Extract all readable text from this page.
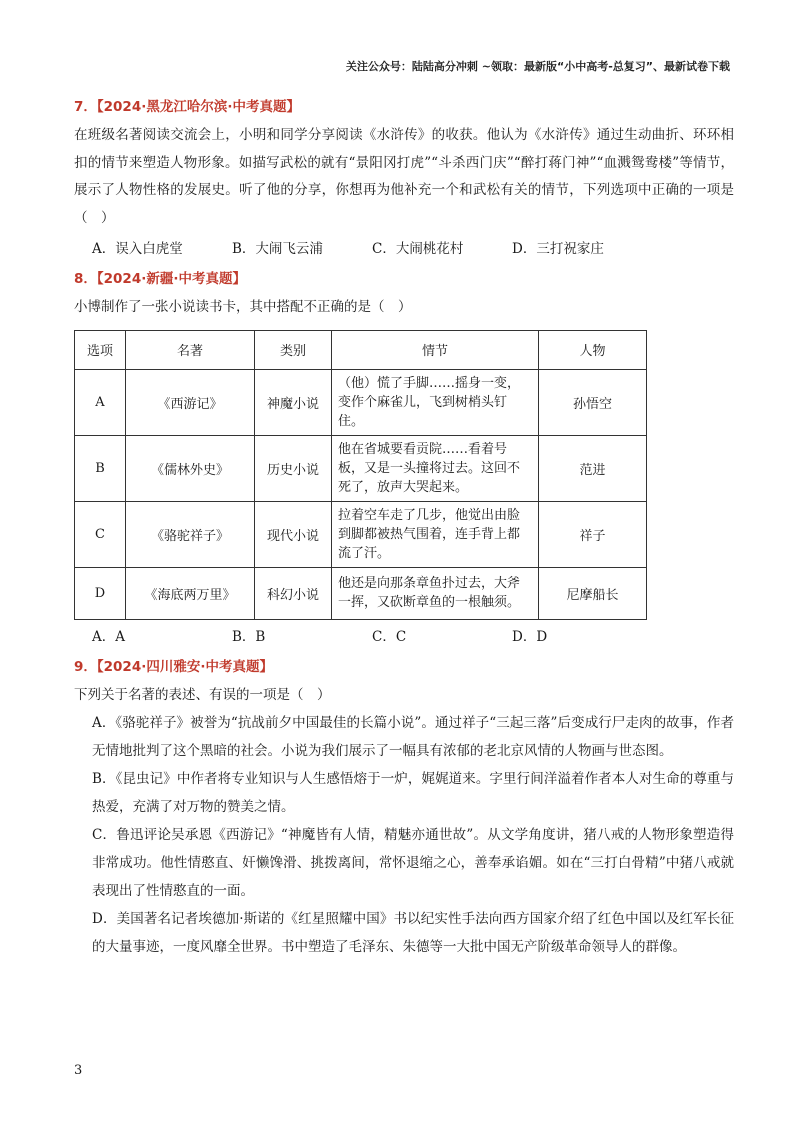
关注公众号：陆陆高分冲刺 ~领取：最新版“小中高考-总复习”、最新试卷下载

7．【2024·黑龙江哈尔滨·中考真题】

在班级名著阅读交流会上，小明和同学分享阅读《水浒传》的收获。他认为《水浒传》通过生动曲折、环环相扣的情节来塑造人物形象。如描写武松的就有“景阳冈打虎”“斗杀西门庆”“醉打蒋门神”“血溅鸳鸯楼”等情节，展示了人物性格的发展史。听了他的分享，你想再为他补充一个和武松有关的情节，下列选项中正确的一项是（　）

A．误入白虎堂	B．大闹飞云浦	C．大闹桃花村	D．三打祝家庄

8．【2024·新疆·中考真题】

小博制作了一张小说读书卡，其中搭配不正确的是（　）

选项	名著	类别	情节	人物
A	《西游记》	神魔小说	（他）慌了手脚……摇身一变，变作个麻雀儿，飞到树梢头钉住。	孙悟空
B	《儒林外史》	历史小说	他在省城要看贡院……看着号板，又是一头撞将过去。这回不死了，放声大哭起来。	范进
C	《骆驼祥子》	现代小说	拉着空车走了几步，他觉出由脸到脚都被热气围着，连手背上都流了汗。	祥子
D	《海底两万里》	科幻小说	他还是向那条章鱼扑过去，大斧一挥，又砍断章鱼的一根触须。	尼摩船长
A．A	B．B	C．C	D．D

9．【2024·四川雅安·中考真题】

下列关于名著的表述、有误的一项是（　）

A．《骆驼祥子》被誉为“抗战前夕中国最佳的长篇小说”。通过祥子“三起三落”后变成行尸走肉的故事，作者无情地批判了这个黑暗的社会。小说为我们展示了一幅具有浓郁的老北京风情的人物画与世态图。

B．《昆虫记》中作者将专业知识与人生感悟熔于一炉，娓娓道来。字里行间洋溢着作者本人对生命的尊重与热爱，充满了对万物的赞美之情。

C．鲁迅评论吴承恩《西游记》“神魔皆有人情，精魅亦通世故”。从文学角度讲，猪八戒的人物形象塑造得非常成功。他性情憨直、奸懒馋滑、挑拨离间，常怀退缩之心，善奉承谄媚。如在“三打白骨精”中猪八戒就表现出了性情憨直的一面。

D．美国著名记者埃德加·斯诺的《红星照耀中国》书以纪实性手法向西方国家介绍了红色中国以及红军长征的大量事迹，一度风靡全世界。书中塑造了毛泽东、朱德等一大批中国无产阶级革命领导人的群像。

3
